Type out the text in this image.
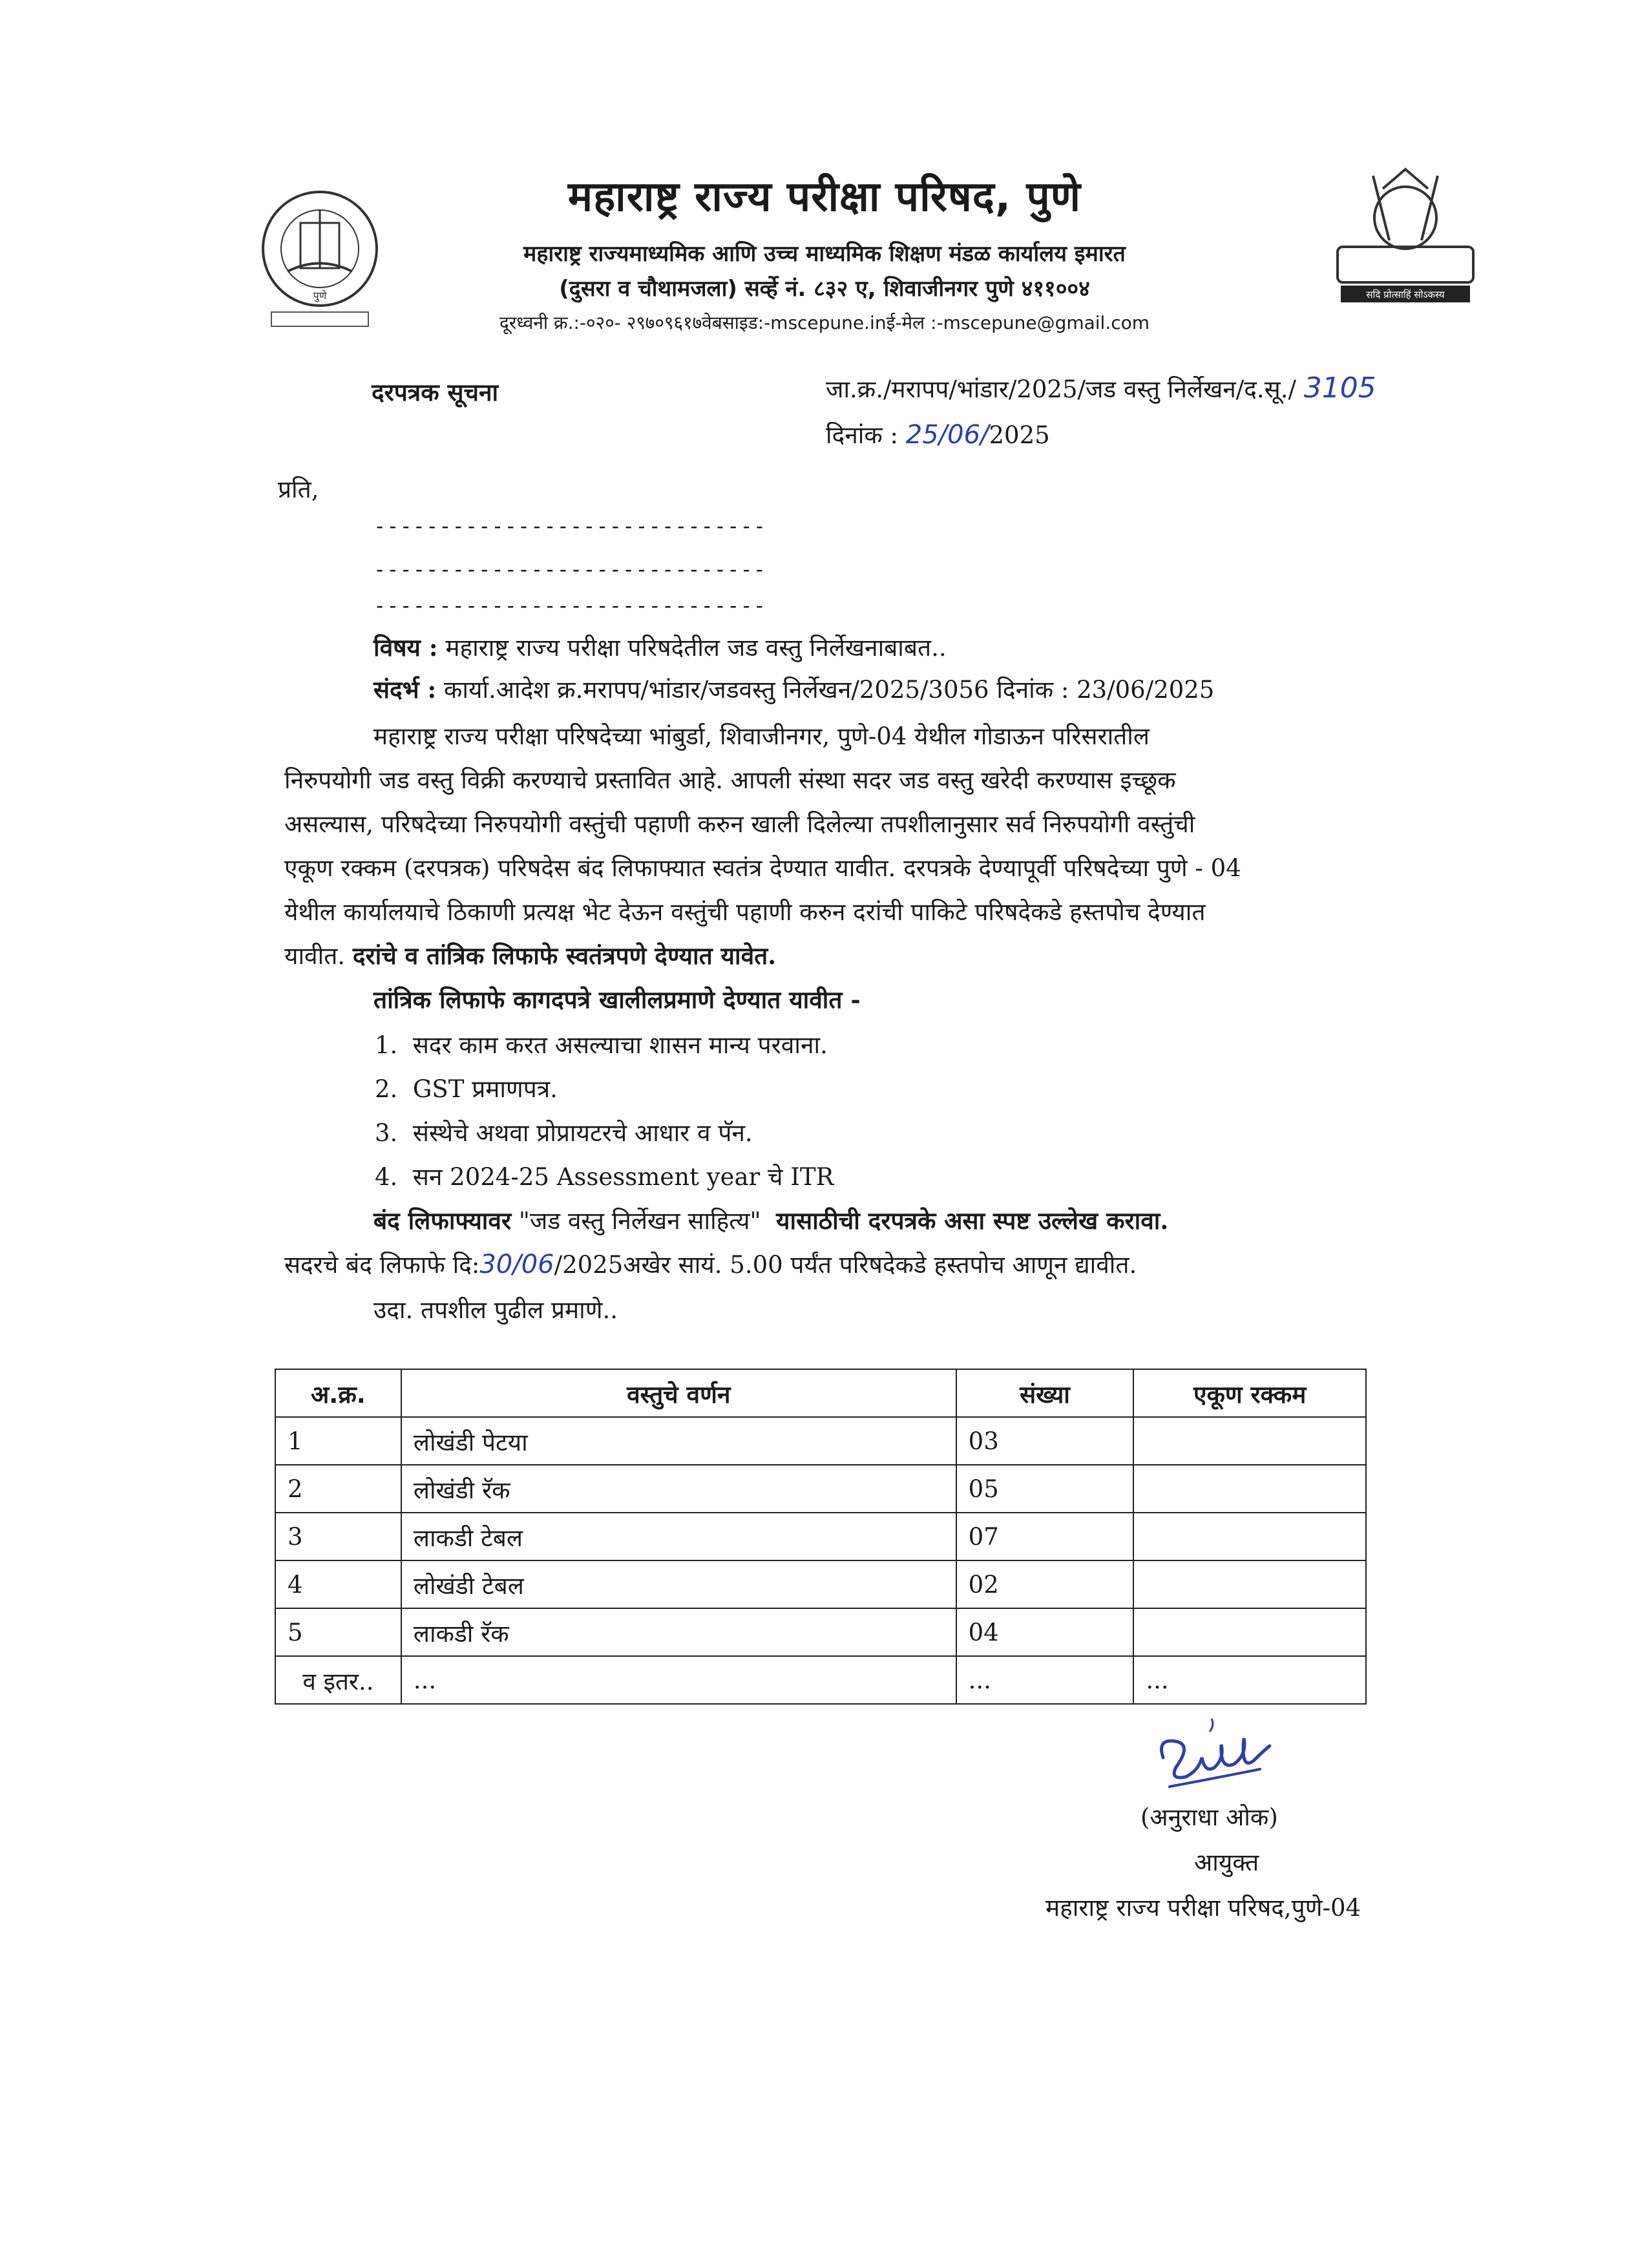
पुणे
महाराष्ट्र राज्य परीक्षा परिषद, पुणे
महाराष्ट्र राज्यमाध्यमिक आणि उच्च माध्यमिक शिक्षण मंडळ कार्यालय इमारत
(दुसरा व चौथामजला) सर्व्हे नं. ८३२ ए, शिवाजीनगर पुणे ४११००४
दूरध्वनी क्र.:-०२०- २९७०९६१७वेबसाइड:-mscepune.inई-मेल :-mscepune@gmail.com
सदि प्रोत्साहिं सोऽकस्य
दरपत्रक सूचना	जा.क्र./मरापप/भांडार/2025/जड वस्तु निर्लेखन/द.सू./ 3105
दिनांक : 25/06/2025
प्रति,
------------------------------
------------------------------
------------------------------
विषय : महाराष्ट्र राज्य परीक्षा परिषदेतील जड वस्तु निर्लेखनाबाबत..
संदर्भ : कार्या.आदेश क्र.मरापप/भांडार/जडवस्तु निर्लेखन/2025/3056 दिनांक : 23/06/2025
महाराष्ट्र राज्य परीक्षा परिषदेच्या भांबुर्डा, शिवाजीनगर, पुणे-04 येथील गोडाऊन परिसरातील
निरुपयोगी जड वस्तु विक्री करण्याचे प्रस्तावित आहे. आपली संस्था सदर जड वस्तु खरेदी करण्यास इच्छूक
असल्यास, परिषदेच्या निरुपयोगी वस्तुंची पहाणी करुन खाली दिलेल्या तपशीलानुसार सर्व निरुपयोगी वस्तुंची
एकूण रक्कम (दरपत्रक) परिषदेस बंद लिफाफ्यात स्वतंत्र देण्यात यावीत. दरपत्रके देण्यापूर्वी परिषदेच्या पुणे - 04
येथील कार्यालयाचे ठिकाणी प्रत्यक्ष भेट देऊन वस्तुंची पहाणी करुन दरांची पाकिटे परिषदेकडे हस्तपोच देण्यात
यावीत. दरांचे व तांत्रिक लिफाफे स्वतंत्रपणे देण्यात यावेत.
तांत्रिक लिफाफे कागदपत्रे खालीलप्रमाणे देण्यात यावीत -
1. सदर काम करत असल्याचा शासन मान्य परवाना.
2. GST प्रमाणपत्र.
3. संस्थेचे अथवा प्रोप्रायटरचे आधार व पॅन.
4. सन 2024-25 Assessment year चे ITR
बंद लिफाफ्यावर "जड वस्तु निर्लेखन साहित्य" यासाठीची दरपत्रके असा स्पष्ट उल्लेख करावा.
सदरचे बंद लिफाफे दि:30/06/2025अखेर सायं. 5.00 पर्यंत परिषदेकडे हस्तपोच आणून द्यावीत.
उदा. तपशील पुढील प्रमाणे..
अ.क्र.	वस्तुचे वर्णन	संख्या	एकूण रक्कम
1	लोखंडी पेटया	03	
2	लोखंडी रॅक	05	
3	लाकडी टेबल	07	
4	लोखंडी टेबल	02	
5	लाकडी रॅक	04	
व इतर..	...	...	...
(अनुराधा ओक)
आयुक्त
महाराष्ट्र राज्य परीक्षा परिषद,पुणे-04
